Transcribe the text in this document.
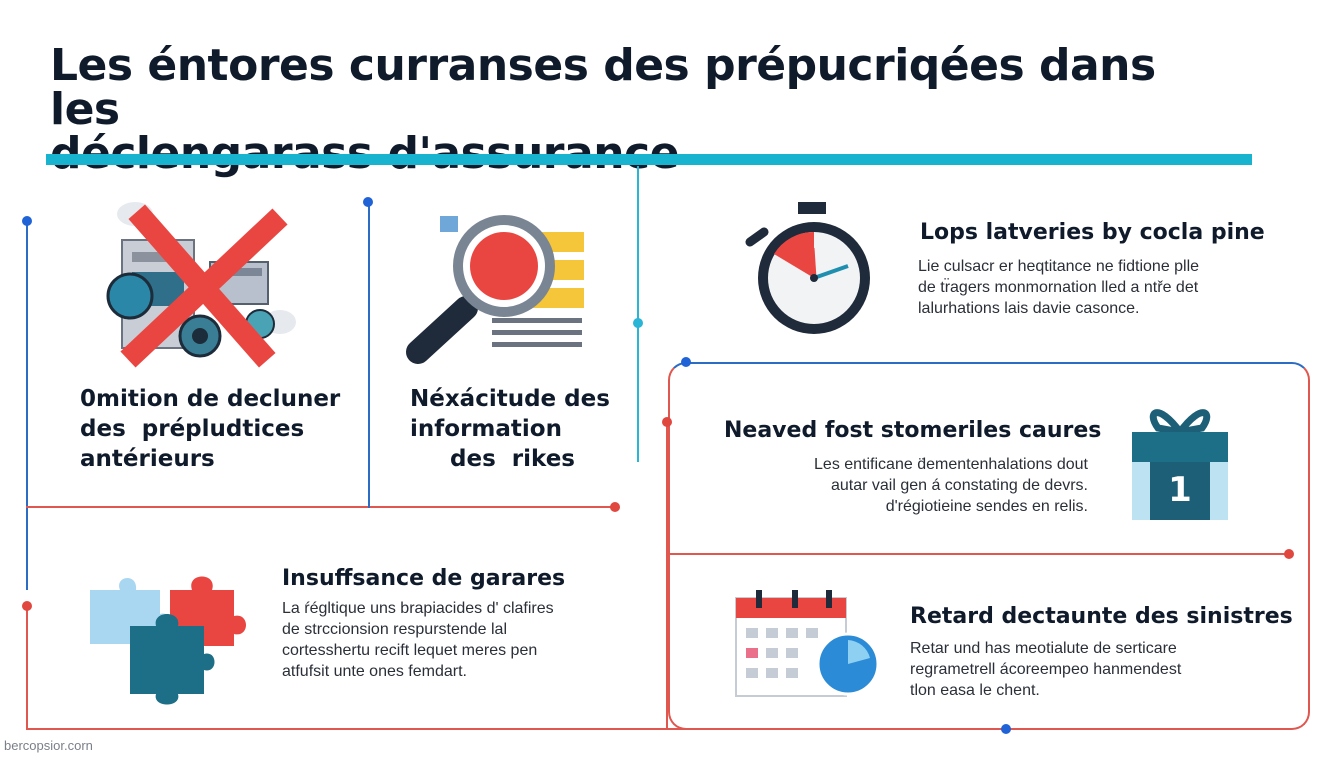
Les éntores curranses des prépucriqées dans les
0mition de decluner
des  prépludtices
antérieurs
Néxácitude des
information
des  rikes
Lops latveries by cocla pine

Lie culsacr er heqtitance ne fidtione plle
de tr̈agers monmornation lled a ntře det
lalurhations lais davie casonce.

Neaved fost stomeriles caures

Les entificane d̈ementenhalations dout
autar vail gen á constating de devrs.
d'régiotieine sendes en relis. 1
Insuffsance de garares

La ŕégltique uns brapiacides d' clafires
de strccionsion respurstende lal
cortesshertu recift lequet meres pen
atfufsit unte ones femdart.

Retard dectaunte des sinistres

Retar und has meotialute de serticare
regrametrell ácoreempeo hanmendest
tlon easa le chent.

bercopsior.corn
